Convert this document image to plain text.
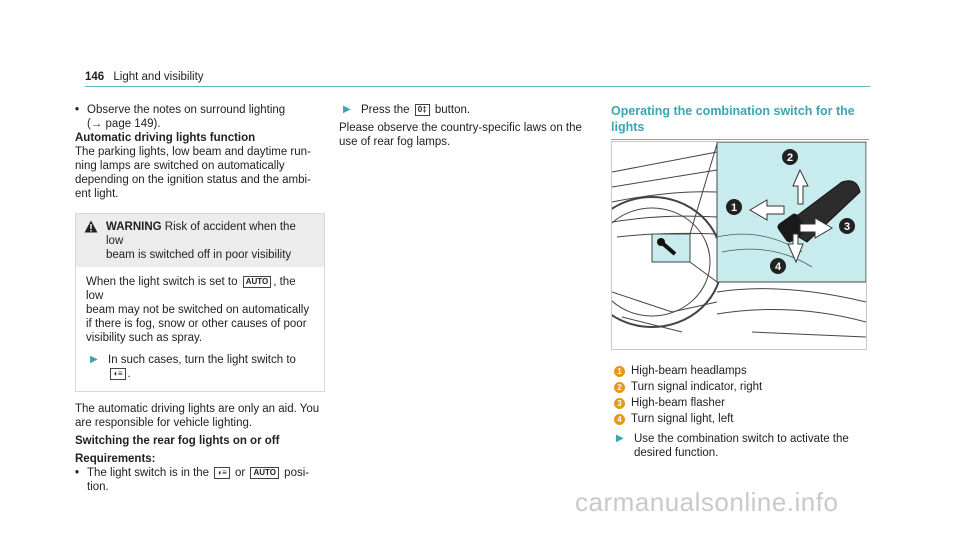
146 Light and visibility
• Observe the notes on surround lighting

(→ page 149).

Automatic driving lights function

The parking lights, low beam and daytime run-

ning lamps are switched on automatically

depending on the ignition status and the ambi-

ent light.

WARNING Risk of accident when the low

beam is switched off in poor visibility

When the light switch is set to AUTO , the low

beam may not be switched on automatically

if there is fog, snow or other causes of poor

visibility such as spray.

▶ In such cases, turn the light switch to

◖≡ .

The automatic driving lights are only an aid. You

are responsible for vehicle lighting.

Switching the rear fog lights on or off

Requirements:

• The light switch is in the ◖≡ or AUTO posi-

tion.

▶ Press the 0‡ button.

Please observe the country-specific laws on the

use of rear fog lamps.

Operating the combination switch for the

lights

2
1
3
4
1 High-beam headlamps
2 Turn signal indicator, right
3 High-beam flasher
4 Turn signal light, left
▶ Use the combination switch to activate the

desired function.

carmanualsonline.info
